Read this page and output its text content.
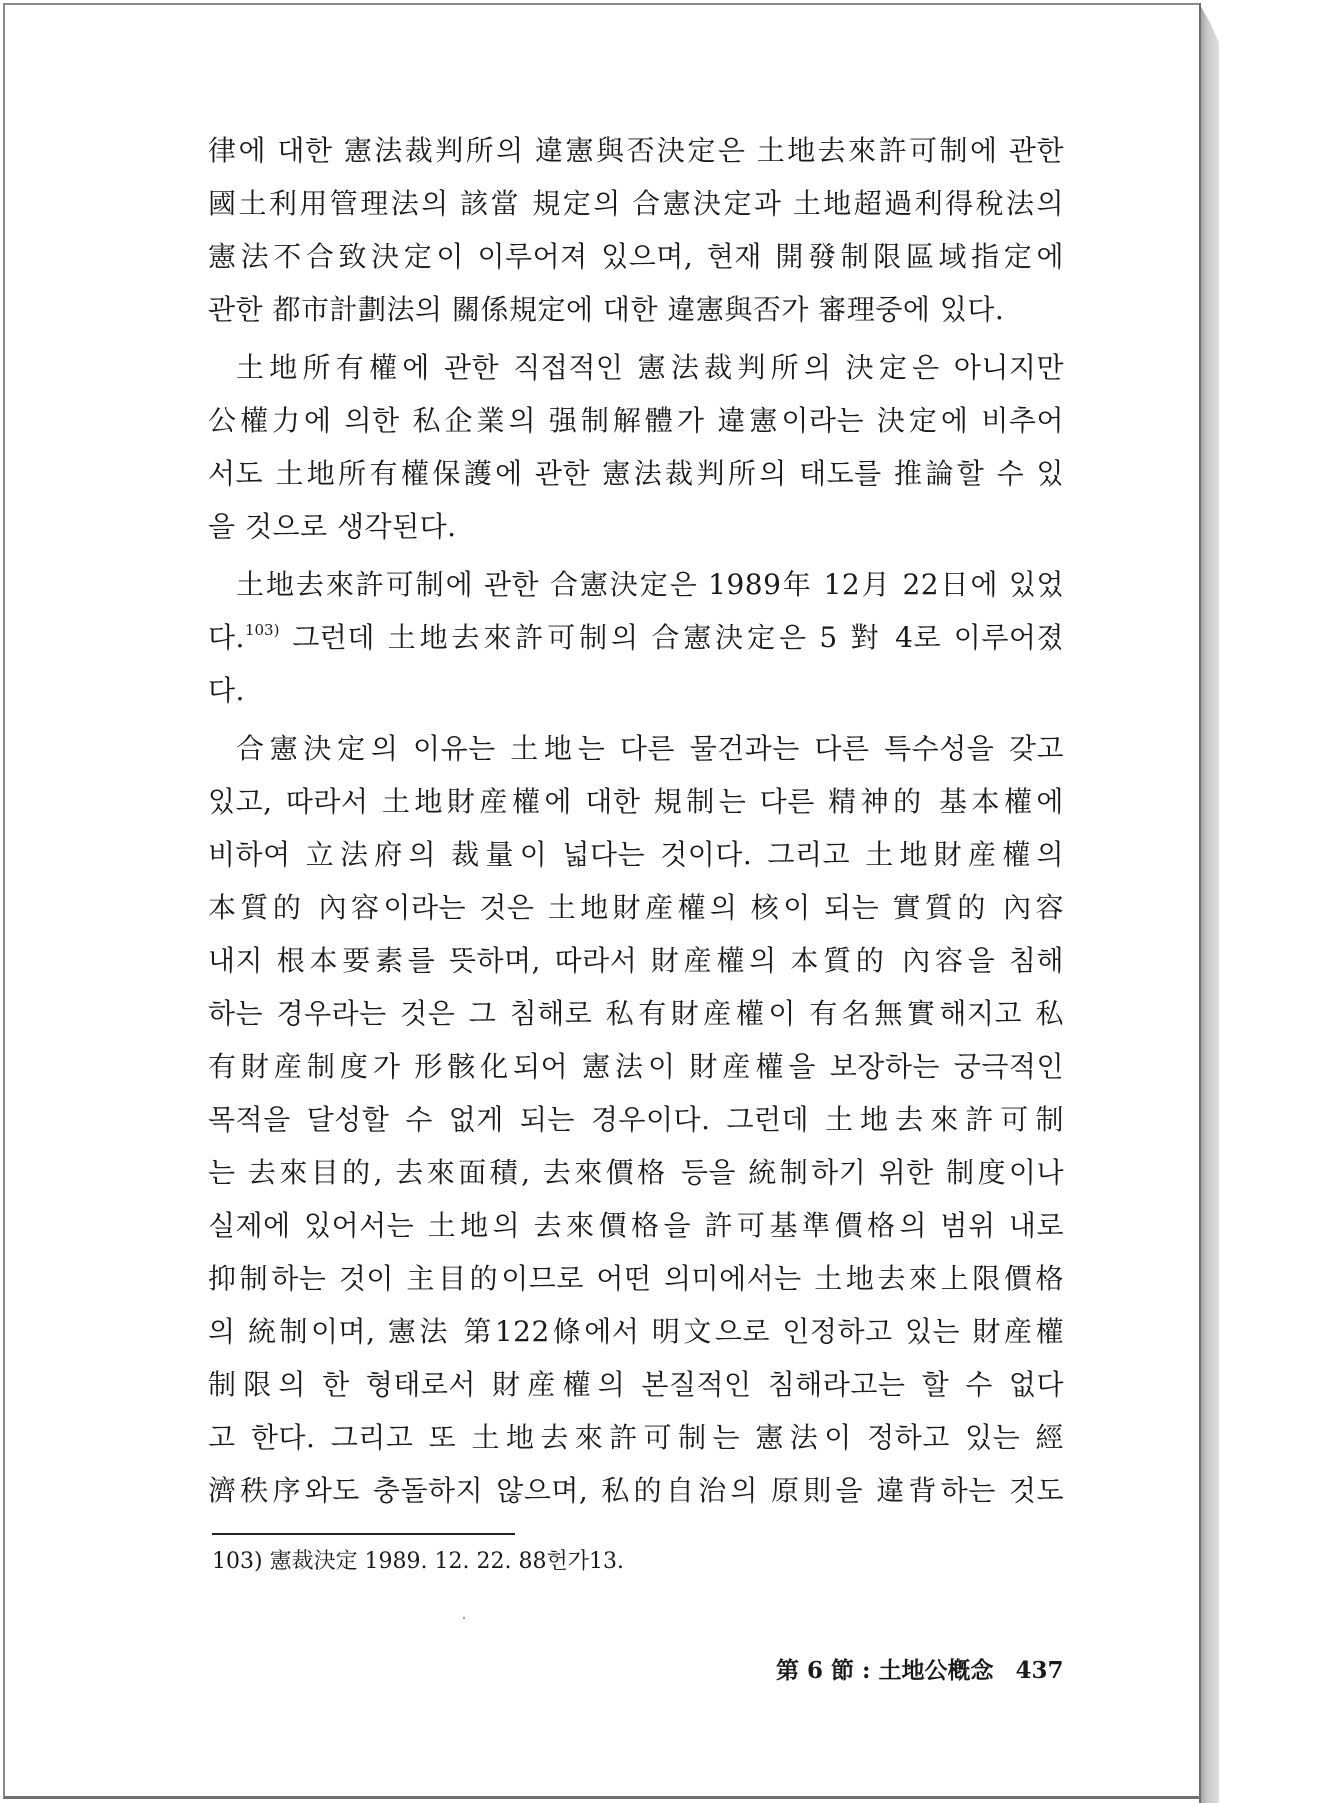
律에 대한 憲法裁判所의 違憲與否決定은 土地去來許可制에 관한
國土利用管理法의 該當 規定의 合憲決定과 土地超過利得稅法의
憲法不合致決定이 이루어져 있으며, 현재 開發制限區域指定에
관한 都市計劃法의 關係規定에 대한 違憲與否가 審理중에 있다.
土地所有權에 관한 직접적인 憲法裁判所의 決定은 아니지만
公權力에 의한 私企業의 强制解體가 違憲이라는 決定에 비추어
서도 土地所有權保護에 관한 憲法裁判所의 태도를 推論할 수 있
을 것으로 생각된다.
土地去來許可制에 관한 合憲決定은 1989年 12月 22日에 있었
다.$^{103)}$ 그런데 土地去來許可制의 合憲決定은 5 對 4로 이루어졌
다.
合憲決定의 이유는 土地는 다른 물건과는 다른 특수성을 갖고
있고, 따라서 土地財産權에 대한 規制는 다른 精神的 基本權에
비하여 立法府의 裁量이 넓다는 것이다. 그리고 土地財産權의
本質的 內容이라는 것은 土地財産權의 核이 되는 實質的 內容
내지 根本要素를 뜻하며, 따라서 財産權의 本質的 內容을 침해
하는 경우라는 것은 그 침해로 私有財産權이 有名無實해지고 私
有財産制度가 形骸化되어 憲法이 財産權을 보장하는 궁극적인
목적을 달성할 수 없게 되는 경우이다. 그런데 土地去來許可制
는 去來目的, 去來面積, 去來價格 등을 統制하기 위한 制度이나
실제에 있어서는 土地의 去來價格을 許可基準價格의 범위 내로
抑制하는 것이 主目的이므로 어떤 의미에서는 土地去來上限價格
의 統制이며, 憲法 第122條에서 明文으로 인정하고 있는 財産權
制限의 한 형태로서 財産權의 본질적인 침해라고는 할 수 없다
고 한다. 그리고 또 土地去來許可制는 憲法이 정하고 있는 經
濟秩序와도 충돌하지 않으며, 私的自治의 原則을 違背하는 것도
103) 憲裁決定 1989. 12. 22. 88헌가13.
第 6 節 : 土地公槪念 437
